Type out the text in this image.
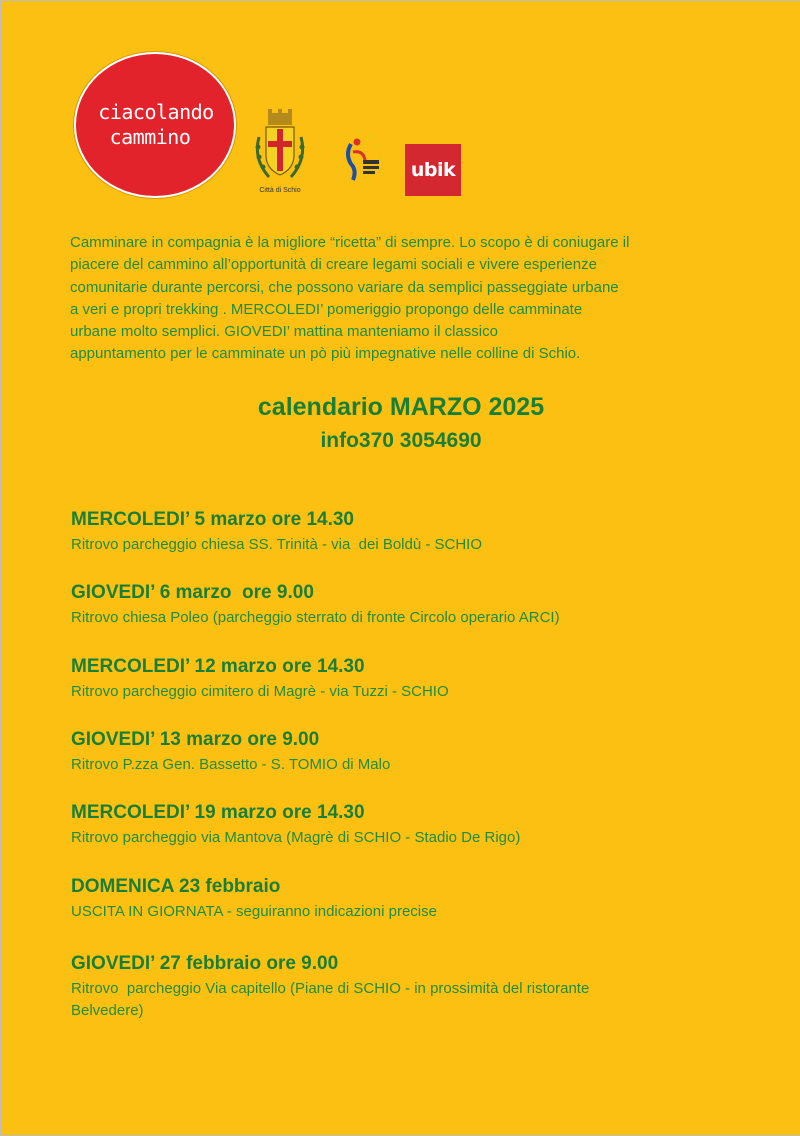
ciacolando
cammino
Città di Schio
ubik
Camminare in compagnia è la migliore “ricetta” di sempre. Lo scopo è di coniugare il
piacere del cammino all’opportunità di creare legami sociali e vivere esperienze
comunitarie durante percorsi, che possono variare da semplici passeggiate urbane
a veri e propri trekking . MERCOLEDI’ pomeriggio propongo delle camminate
urbane molto semplici. GIOVEDI’ mattina manteniamo il classico
appuntamento per le camminate un pò più impegnative nelle colline di Schio.
calendario MARZO 2025
info370 3054690
MERCOLEDI’ 5 marzo ore 14.30
Ritrovo parcheggio chiesa SS. Trinità - via  dei Boldù - SCHIO
GIOVEDI’ 6 marzo  ore 9.00
Ritrovo chiesa Poleo (parcheggio sterrato di fronte Circolo operario ARCI)
MERCOLEDI’ 12 marzo ore 14.30
Ritrovo parcheggio cimitero di Magrè - via Tuzzi - SCHIO
GIOVEDI’ 13 marzo ore 9.00
Ritrovo P.zza Gen. Bassetto - S. TOMIO di Malo
MERCOLEDI’ 19 marzo ore 14.30
Ritrovo parcheggio via Mantova (Magrè di SCHIO - Stadio De Rigo)
DOMENICA 23 febbraio
USCITA IN GIORNATA - seguiranno indicazioni precise
GIOVEDI’ 27 febbraio ore 9.00
Ritrovo  parcheggio Via capitello (Piane di SCHIO - in prossimità del ristorante
Belvedere)
